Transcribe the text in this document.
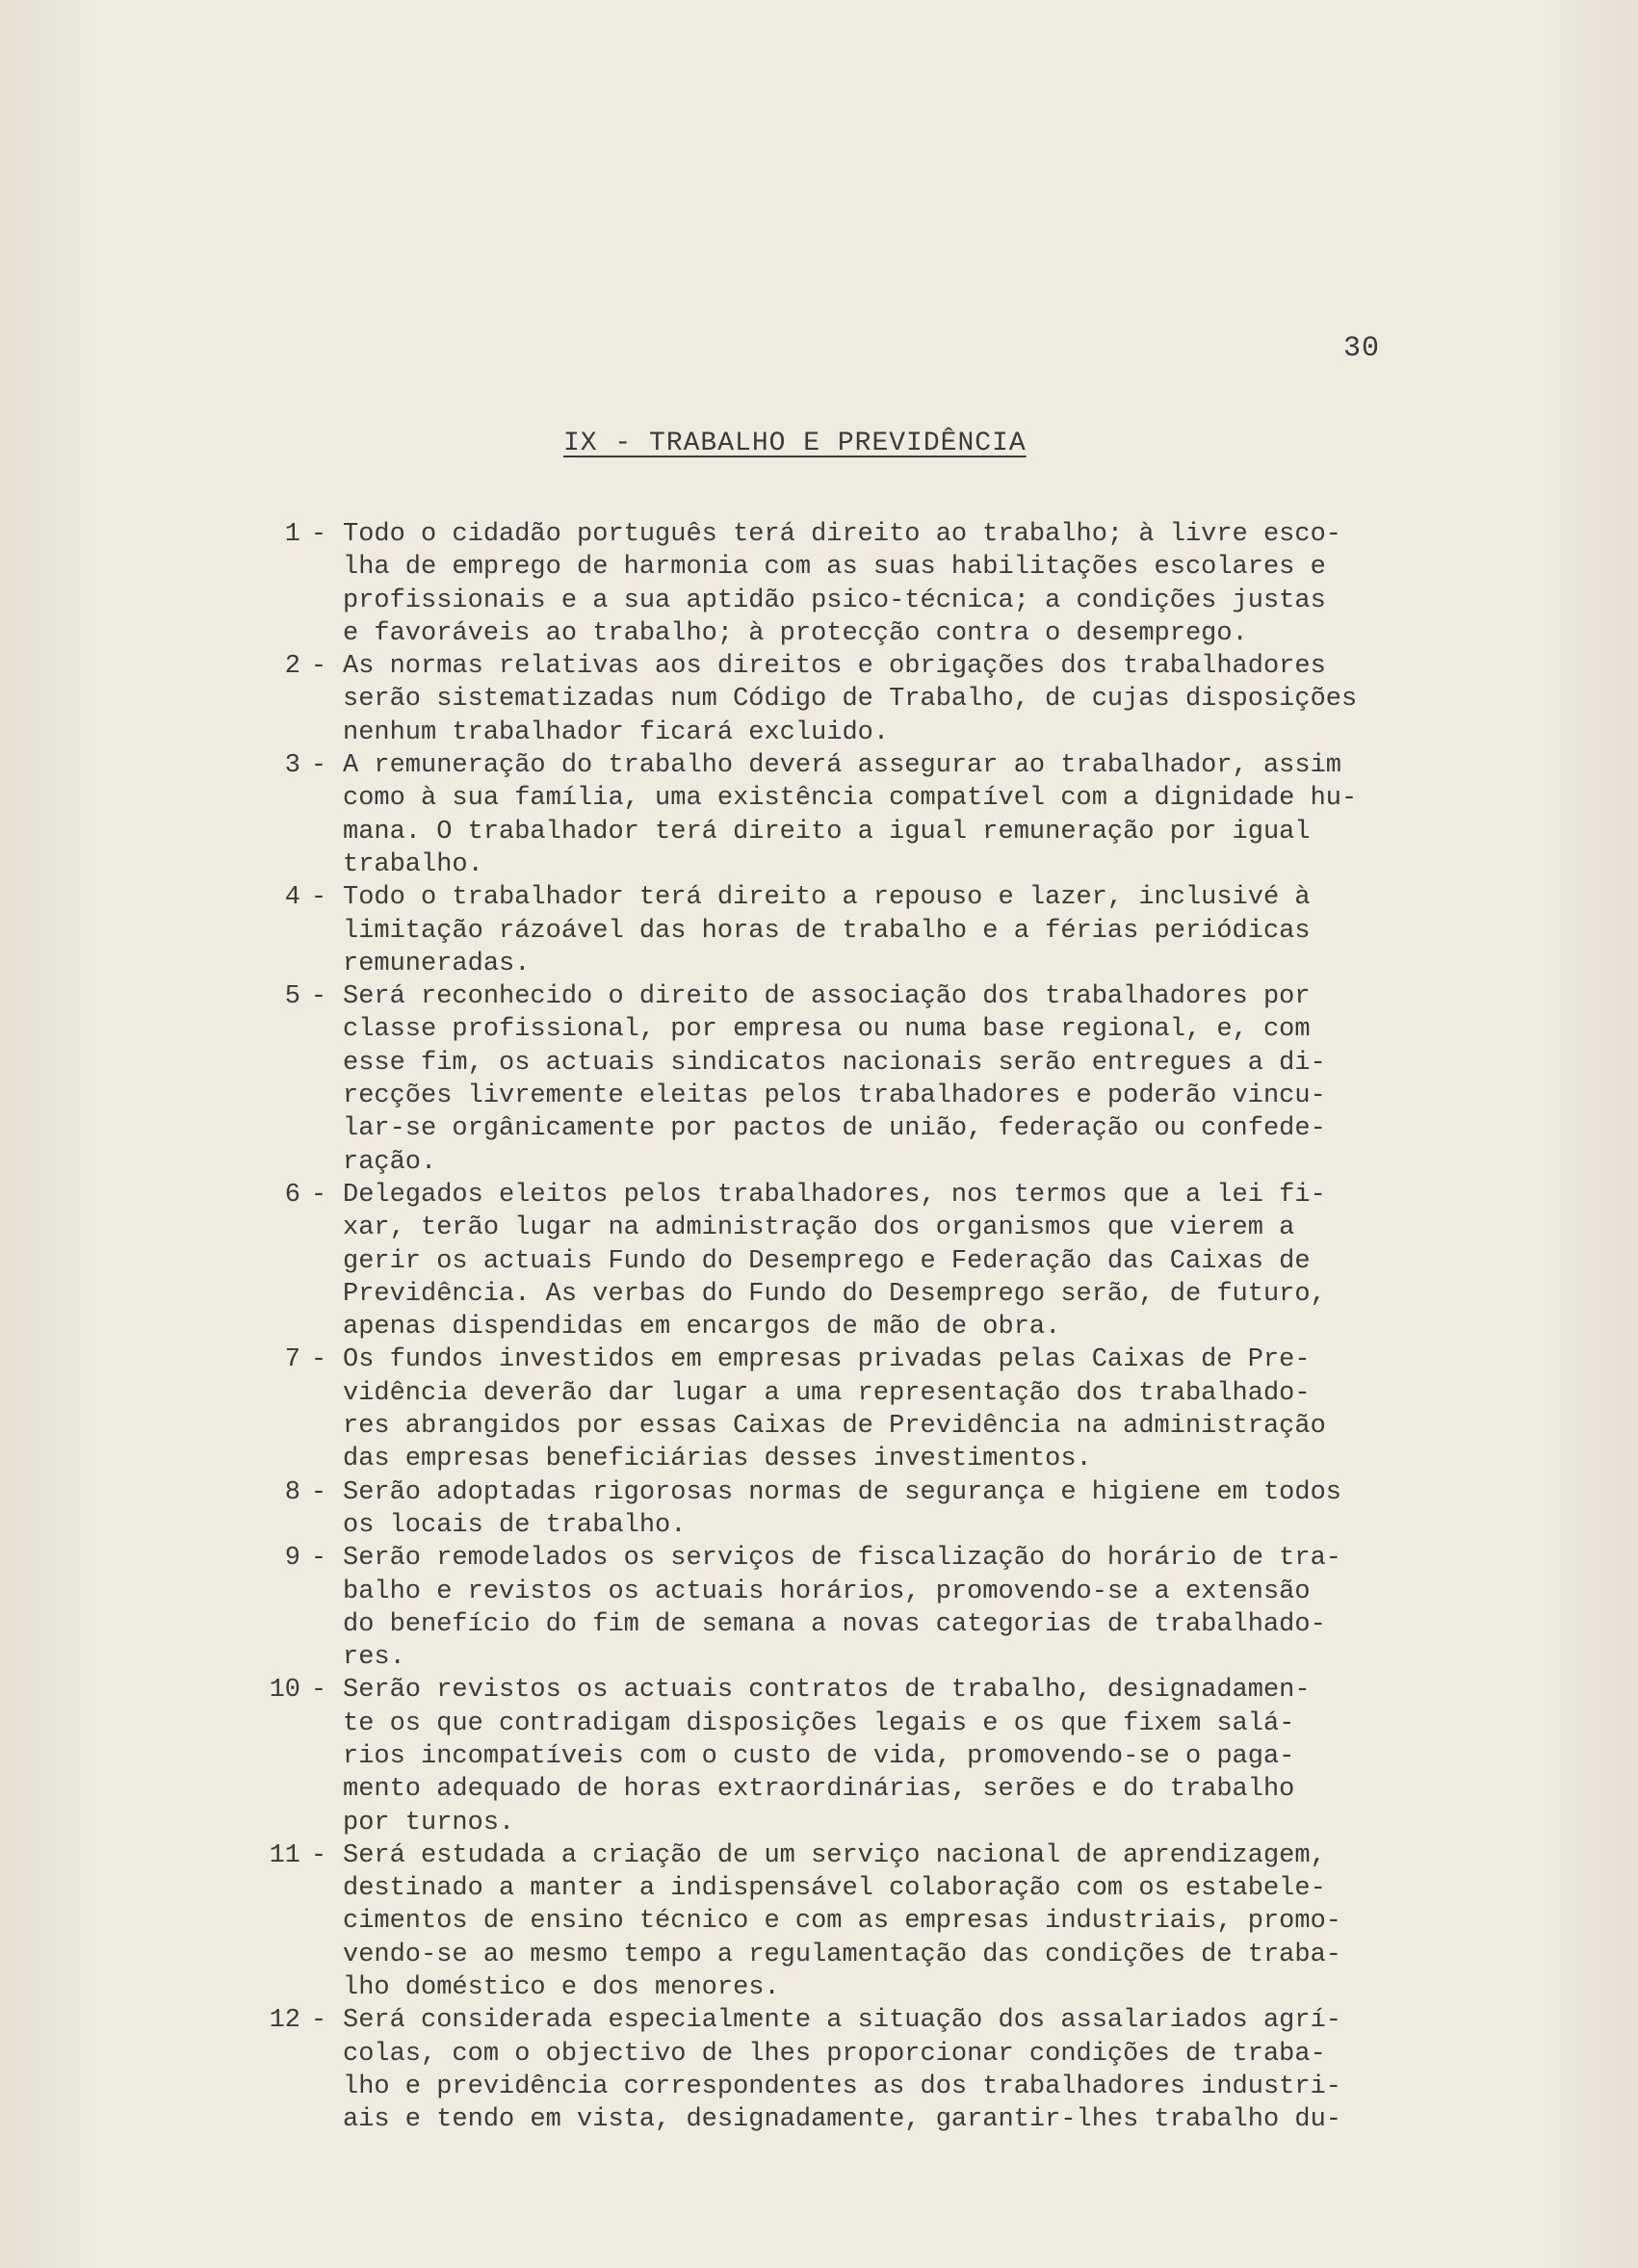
30
IX - TRABALHO E PREVIDÊNCIA
1 - Todo o cidadão português terá direito ao trabalho; à livre esco-
lha de emprego de harmonia com as suas habilitações escolares e
profissionais e a sua aptidão psico-técnica; a condições justas
e favoráveis ao trabalho; à protecção contra o desemprego.
2 - As normas relativas aos direitos e obrigações dos trabalhadores
serão sistematizadas num Código de Trabalho, de cujas disposições
nenhum trabalhador ficará excluido.
3 - A remuneração do trabalho deverá assegurar ao trabalhador, assim
como à sua família, uma existência compatível com a dignidade hu-
mana. O trabalhador terá direito a igual remuneração por igual
trabalho.
4 - Todo o trabalhador terá direito a repouso e lazer, inclusivé à
limitação rázoável das horas de trabalho e a férias periódicas
remuneradas.
5 - Será reconhecido o direito de associação dos trabalhadores por
classe profissional, por empresa ou numa base regional, e, com
esse fim, os actuais sindicatos nacionais serão entregues a di-
recções livremente eleitas pelos trabalhadores e poderão vincu-
lar-se orgânicamente por pactos de união, federação ou confede-
ração.
6 - Delegados eleitos pelos trabalhadores, nos termos que a lei fi-
xar, terão lugar na administração dos organismos que vierem a
gerir os actuais Fundo do Desemprego e Federação das Caixas de
Previdência. As verbas do Fundo do Desemprego serão, de futuro,
apenas dispendidas em encargos de mão de obra.
7 - Os fundos investidos em empresas privadas pelas Caixas de Pre-
vidência deverão dar lugar a uma representação dos trabalhado-
res abrangidos por essas Caixas de Previdência na administração
das empresas beneficiárias desses investimentos.
8 - Serão adoptadas rigorosas normas de segurança e higiene em todos
os locais de trabalho.
9 - Serão remodelados os serviços de fiscalização do horário de tra-
balho e revistos os actuais horários, promovendo-se a extensão
do benefício do fim de semana a novas categorias de trabalhado-
res.
10 - Serão revistos os actuais contratos de trabalho, designadamen-
te os que contradigam disposições legais e os que fixem salá-
rios incompatíveis com o custo de vida, promovendo-se o paga-
mento adequado de horas extraordinárias, serões e do trabalho
por turnos.
11 - Será estudada a criação de um serviço nacional de aprendizagem,
destinado a manter a indispensável colaboração com os estabele-
cimentos de ensino técnico e com as empresas industriais, promo-
vendo-se ao mesmo tempo a regulamentação das condições de traba-
lho doméstico e dos menores.
12 - Será considerada especialmente a situação dos assalariados agrí-
colas, com o objectivo de lhes proporcionar condições de traba-
lho e previdência correspondentes as dos trabalhadores industri-
ais e tendo em vista, designadamente, garantir-lhes trabalho du-
